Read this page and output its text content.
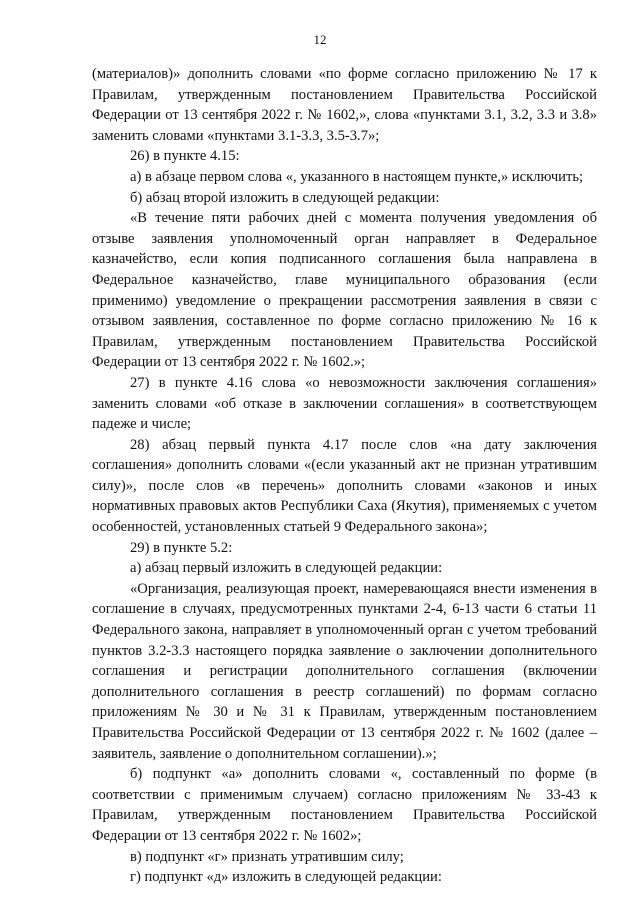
12

(материалов)» дополнить словами «по форме согласно приложению № 17 к Правилам, утвержденным постановлением Правительства Российской Федерации от 13 сентября 2022 г. № 1602,», слова «пунктами 3.1, 3.2, 3.3 и 3.8» заменить словами «пунктами 3.1-3.3, 3.5-3.7»;

26) в пункте 4.15:

а) в абзаце первом слова «, указанного в настоящем пункте,» исключить;

б) абзац второй изложить в следующей редакции:

«В течение пяти рабочих дней с момента получения уведомления об отзыве заявления уполномоченный орган направляет в Федеральное казначейство, если копия подписанного соглашения была направлена в Федеральное казначейство, главе муниципального образования (если применимо) уведомление о прекращении рассмотрения заявления в связи с отзывом заявления, составленное по форме согласно приложению № 16 к Правилам, утвержденным постановлением Правительства Российской Федерации от 13 сентября 2022 г. № 1602.»;

27) в пункте 4.16 слова «о невозможности заключения соглашения» заменить словами «об отказе в заключении соглашения» в соответствующем падеже и числе;

28) абзац первый пункта 4.17 после слов «на дату заключения соглашения» дополнить словами «(если указанный акт не признан утратившим силу)», после слов «в перечень» дополнить словами «законов и иных нормативных правовых актов Республики Саха (Якутия), применяемых с учетом особенностей, установленных статьей 9 Федерального закона»;

29) в пункте 5.2:

а) абзац первый изложить в следующей редакции:

«Организация, реализующая проект, намеревающаяся внести изменения в соглашение в случаях, предусмотренных пунктами 2-4, 6-13 части 6 статьи 11 Федерального закона, направляет в уполномоченный орган с учетом требований пунктов 3.2-3.3 настоящего порядка заявление о заключении дополнительного соглашения и регистрации дополнительного соглашения (включении дополнительного соглашения в реестр соглашений) по формам согласно приложениям № 30 и № 31 к Правилам, утвержденным постановлением Правительства Российской Федерации от 13 сентября 2022 г. № 1602 (далее – заявитель, заявление о дополнительном соглашении).»;

б) подпункт «а» дополнить словами «, составленный по форме (в соответствии с применимым случаем) согласно приложениям № 33-43 к Правилам, утвержденным постановлением Правительства Российской Федерации от 13 сентября 2022 г. № 1602»;

в) подпункт «г» признать утратившим силу;

г) подпункт «д» изложить в следующей редакции:
